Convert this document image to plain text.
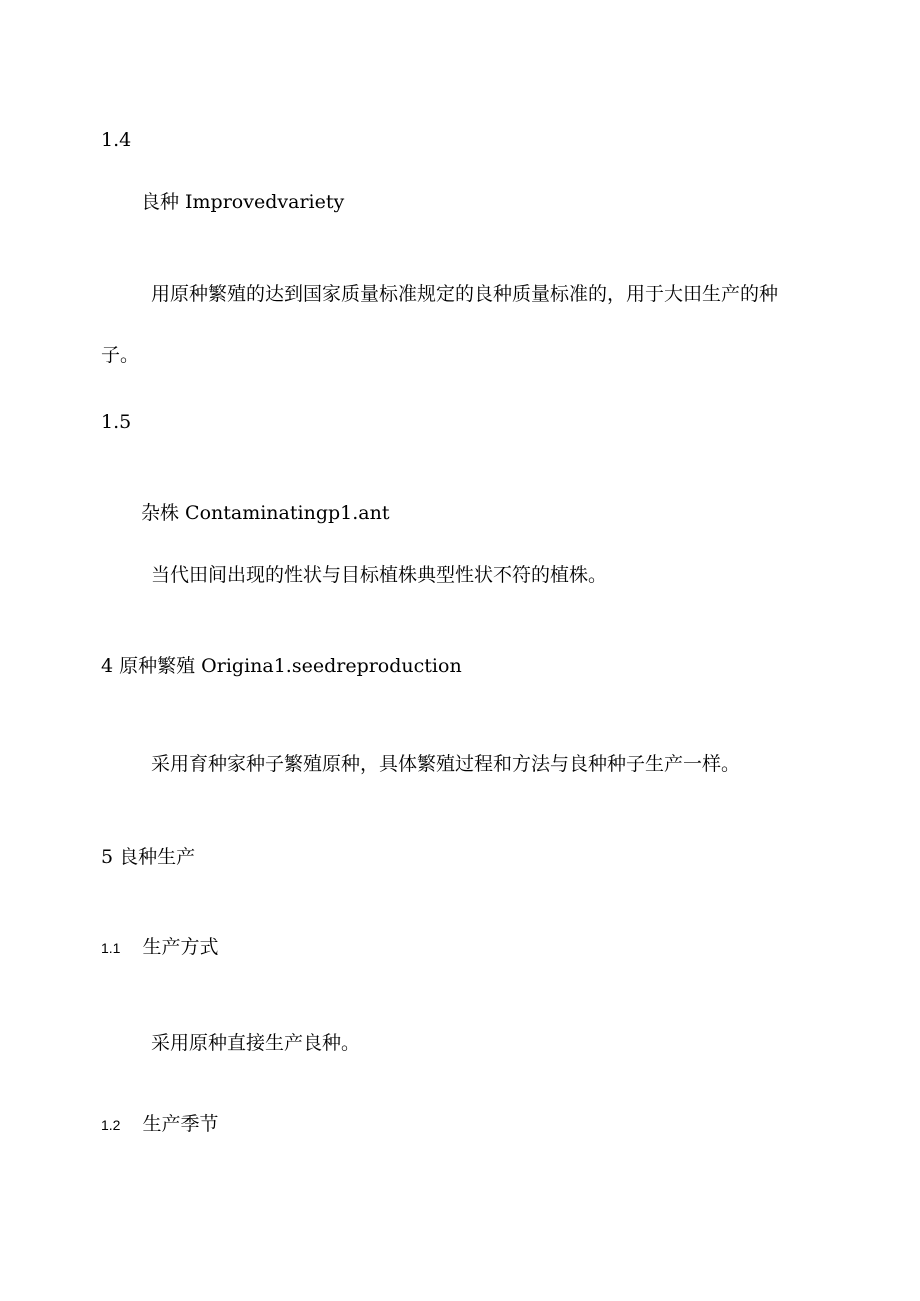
1.4
良种 Improvedvariety
用原种繁殖的达到国家质量标准规定的良种质量标准的，用于大田生产的种
子。
1.5
杂株 Contaminatingp1.ant
当代田间出现的性状与目标植株典型性状不符的植株。
4 原种繁殖 Origina1.seedreproduction
采用育种家种子繁殖原种，具体繁殖过程和方法与良种种子生产一样。
5 良种生产
1.1 生产方式
采用原种直接生产良种。
1.2 生产季节
